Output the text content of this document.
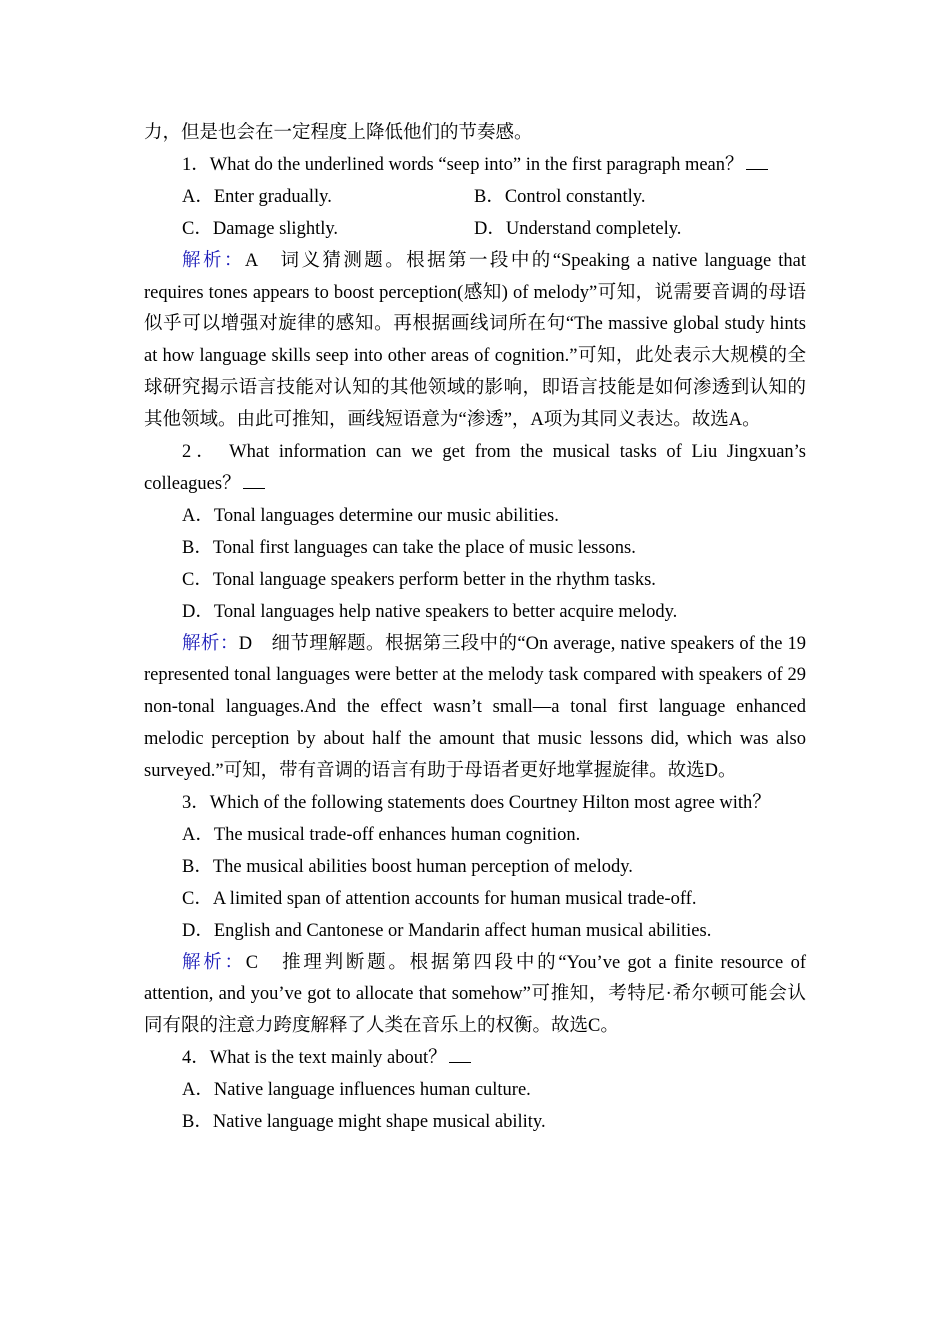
力，但是也会在一定程度上降低他们的节奏感。

1．What do the underlined words “seep into” in the first paragraph mean？

A．Enter gradually.	B．Control constantly.
C．Damage slightly.	D．Understand completely.

解析：A　词义猜测题。根据第一段中的“Speaking a native language that requires tones appears to boost perception(感知) of melody”可知，说需要音调的母语似乎可以增强对旋律的感知。再根据画线词所在句“The massive global study hints at how language skills seep into other areas of cognition.”可知，此处表示大规模的全球研究揭示语言技能对认知的其他领域的影响，即语言技能是如何渗透到认知的其他领域。由此可推知，画线短语意为“渗透”，A项为其同义表达。故选A。

2． What information can we get from the musical tasks of Liu Jingxuan’s colleagues？

A．Tonal languages determine our music abilities.

B．Tonal first languages can take the place of music lessons.

C．Tonal language speakers perform better in the rhythm tasks.

D．Tonal languages help native speakers to better acquire melody.

解析：D　细节理解题。根据第三段中的“On average, native speakers of the 19 represented tonal languages were better at the melody task compared with speakers of 29 non-tonal languages.And the effect wasn’t small—a tonal first language enhanced melodic perception by about half the amount that music lessons did, which was also surveyed.”可知，带有音调的语言有助于母语者更好地掌握旋律。故选D。

3．Which of the following statements does Courtney Hilton most agree with？

A．The musical trade-off enhances human cognition.

B．The musical abilities boost human perception of melody.

C．A limited span of attention accounts for human musical trade-off.

D．English and Cantonese or Mandarin affect human musical abilities.

解析：C　推理判断题。根据第四段中的“You’ve got a finite resource of attention, and you’ve got to allocate that somehow”可推知，考特尼·希尔顿可能会认同有限的注意力跨度解释了人类在音乐上的权衡。故选C。

4．What is the text mainly about？

A．Native language influences human culture.

B．Native language might shape musical ability.
